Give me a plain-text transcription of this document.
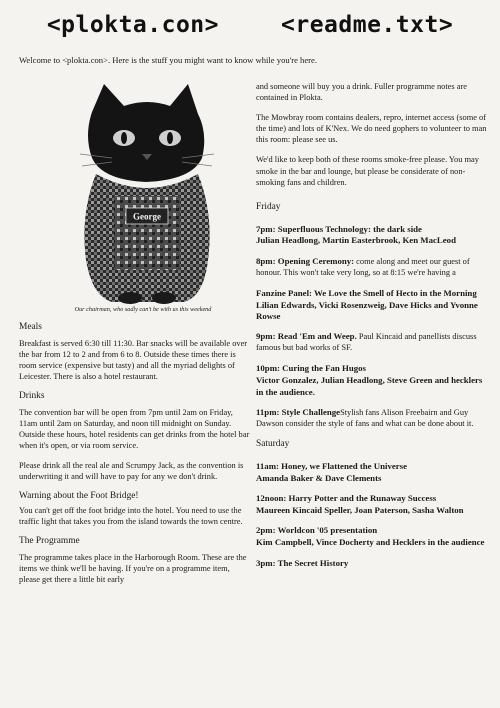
<plokta.con>	<readme.txt>
Welcome to <plokta.con>. Here is the stuff you might want to know while you're here.
George
Our chairman, who sadly can't be with us this weekend
Meals

Breakfast is served 6:30 till 11:30. Bar snacks will be available over the bar from 12 to 2 and from 6 to 8. Outside these times there is room service (expensive but tasty) and all the myriad delights of Leicester. There is also a hotel restaurant.

Drinks

The convention bar will be open from 7pm until 2am on Friday, 11am until 2am on Saturday, and noon till midnight on Sunday. Outside these hours, hotel residents can get drinks from the hotel bar when it's open, or via room service.

Please drink all the real ale and Scrumpy Jack, as the convention is underwriting it and will have to pay for any we don't drink.

Warning about the Foot Bridge!

You can't get off the foot bridge into the hotel. You need to use the traffic light that takes you from the island towards the town centre.

The Programme

The programme takes place in the Harborough Room. These are the items we think we'll be having. If you're on a programme item, please get there a little bit early

and someone will buy you a drink. Fuller programme notes are contained in Plokta.

The Mowbray room contains dealers, repro, internet access (some of the time) and lots of K'Nex. We do need gophers to volunteer to man this room: please see us.

We'd like to keep both of these rooms smoke-free please. You may smoke in the bar and lounge, but please be considerate of non-smoking fans and children.

Friday
7pm: Superfluous Technology: the dark side
Julian Headlong, Martin Easterbrook, Ken MacLeod
8pm: Opening Ceremony: come along and meet our guest of honour. This won't take very long, so at 8:15 we're having a
Fanzine Panel: We Love the Smell of Hecto in the Morning
Lilian Edwards, Vicki Rosenzweig, Dave Hicks and Yvonne Rowse
9pm: Read 'Em and Weep. Paul Kincaid and panellists discuss famous but bad works of SF.
10pm: Curing the Fan Hugos
Victor Gonzalez, Julian Headlong, Steve Green and hecklers in the audience.
11pm: Style ChallengeStylish fans Alison Freebairn and Guy Dawson consider the style of fans and what can be done about it.
Saturday
11am: Honey, we Flattened the Universe
Amanda Baker & Dave Clements
12noon: Harry Potter and the Runaway Success
Maureen Kincaid Speller, Joan Paterson, Sasha Walton
2pm: Worldcon '05 presentation
Kim Campbell, Vince Docherty and Hecklers in the audience
3pm: The Secret History
